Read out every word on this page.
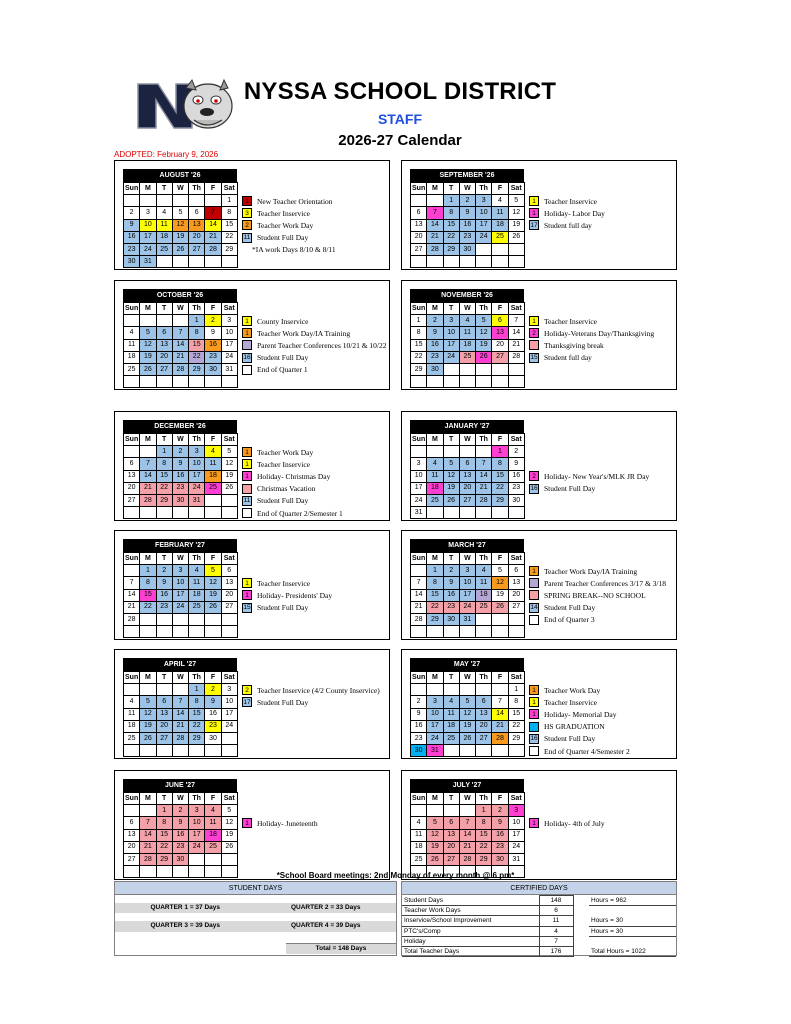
NYSSA SCHOOL DISTRICT
STAFF
2026-27 Calendar
ADOPTED: February 9, 2026
AUGUST '26
Sun	M	T	W	Th	F	Sat
						1
2	3	4	5	6	7	8
9	10	11	12	13	14	15
16	17	18	19	20	21	22
23	24	25	26	27	28	29
30	31					
1	New Teacher Orientation
3	Teacher Inservice
2	Teacher Work Day
11 Student Full Day
*IA work Days 8/10 & 8/11
SEPTEMBER '26
Sun	M	T	W	Th	F	Sat
		1	2	3	4	5
6	7	8	9	10	11	12
13	14	15	16	17	18	19
20	21	22	23	24	25	26
27	28	29	30			

1	Teacher Inservice
1	Holiday- Labor Day
17 Student full day
OCTOBER '26
Sun	M	T	W	Th	F	Sat
				1	2	3
4	5	6	7	8	9	10
11	12	13	14	15	16	17
18	19	20	21	22	23	24
25	26	27	28	29	30	31

1	County Inservice
1	Teacher Work Day/IA Training
Parent Teacher Conferences 10/21 & 10/22
16 Student Full Day
End of Quarter 1
NOVEMBER '26
Sun	M	T	W	Th	F	Sat
1	2	3	4	5	6	7
8	9	10	11	12	13	14
15	16	17	18	19	20	21
22	23	24	25	26	27	28
29	30					

1	Teacher Inservice
2	Holiday-Veterans Day/Thanksgiving
Thanksgiving break
15 Student full day
DECEMBER '26
Sun	M	T	W	Th	F	Sat
		1	2	3	4	5
6	7	8	9	10	11	12
13	14	15	16	17	18	19
20	21	22	23	24	25	26
27	28	29	30	31		

1	Teacher Work Day
1	Teacher Inservice
1	Holiday- Christmas Day
Christmas Vacation
11 Student Full Day
End of Quarter 2/Semester 1
JANUARY '27
Sun	M	T	W	Th	F	Sat
					1	2
3	4	5	6	7	8	9
10	11	12	13	14	15	16
17	18	19	20	21	22	23
24	25	26	27	28	29	30
31						
2	Holiday- New Year's/MLK JR Day
16 Student Full Day
FEBRUARY '27
Sun	M	T	W	Th	F	Sat
	1	2	3	4	5	6
7	8	9	10	11	12	13
14	15	16	17	18	19	20
21	22	23	24	25	26	27
28						

1	Teacher Inservice
1	Holiday- Presidents' Day
15 Student Full Day
MARCH '27
Sun	M	T	W	Th	F	Sat
	1	2	3	4	5	6
7	8	9	10	11	12	13
14	15	16	17	18	19	20
21	22	23	24	25	26	27
28	29	30	31			

1	Teacher Work Day/IA Training
Parent Teacher Conferences 3/17 & 3/18
SPRING BREAK--NO SCHOOL
14 Student Full Day
End of Quarter 3
APRIL '27
Sun	M	T	W	Th	F	Sat
				1	2	3
4	5	6	7	8	9	10
11	12	13	14	15	16	17
18	19	20	21	22	23	24
25	26	27	28	29	30	

2	Teacher Inservice (4/2 County Inservice)
17 Student Full Day
MAY '27
Sun	M	T	W	Th	F	Sat
						1
2	3	4	5	6	7	8
9	10	11	12	13	14	15
16	17	18	19	20	21	22
23	24	25	26	27	28	29
30	31					
1	Teacher Work Day
1	Teacher Inservice
1	Holiday- Memorial Day
HS GRADUATION
16 Student Full Day
End of Quarter 4/Semester 2
JUNE '27
Sun	M	T	W	Th	F	Sat
		1	2	3	4	5
6	7	8	9	10	11	12
13	14	15	16	17	18	19
20	21	22	23	24	25	26
27	28	29	30			

1	Holiday- Juneteenth
JULY '27
Sun	M	T	W	Th	F	Sat
				1	2	3
4	5	6	7	8	9	10
11	12	13	14	15	16	17
18	19	20	21	22	23	24
25	26	27	28	29	30	31

1	Holiday- 4th of July
*School Board meetings: 2nd Monday of every month @ 6 pm*
STUDENT DAYS
QUARTER 1 = 37 Days	QUARTER 2 = 33 Days
QUARTER 3 = 39 Days	QUARTER 4 = 39 Days
Total = 148 Days
CERTIFIED DAYS
Student Days	148		Hours = 962
Teacher Work Days	6		
Inservice/School Improvement	11		Hours = 30
PTC's/Comp	4		Hours = 30
Holiday	7		
Total Teacher Days	176		Total Hours = 1022
